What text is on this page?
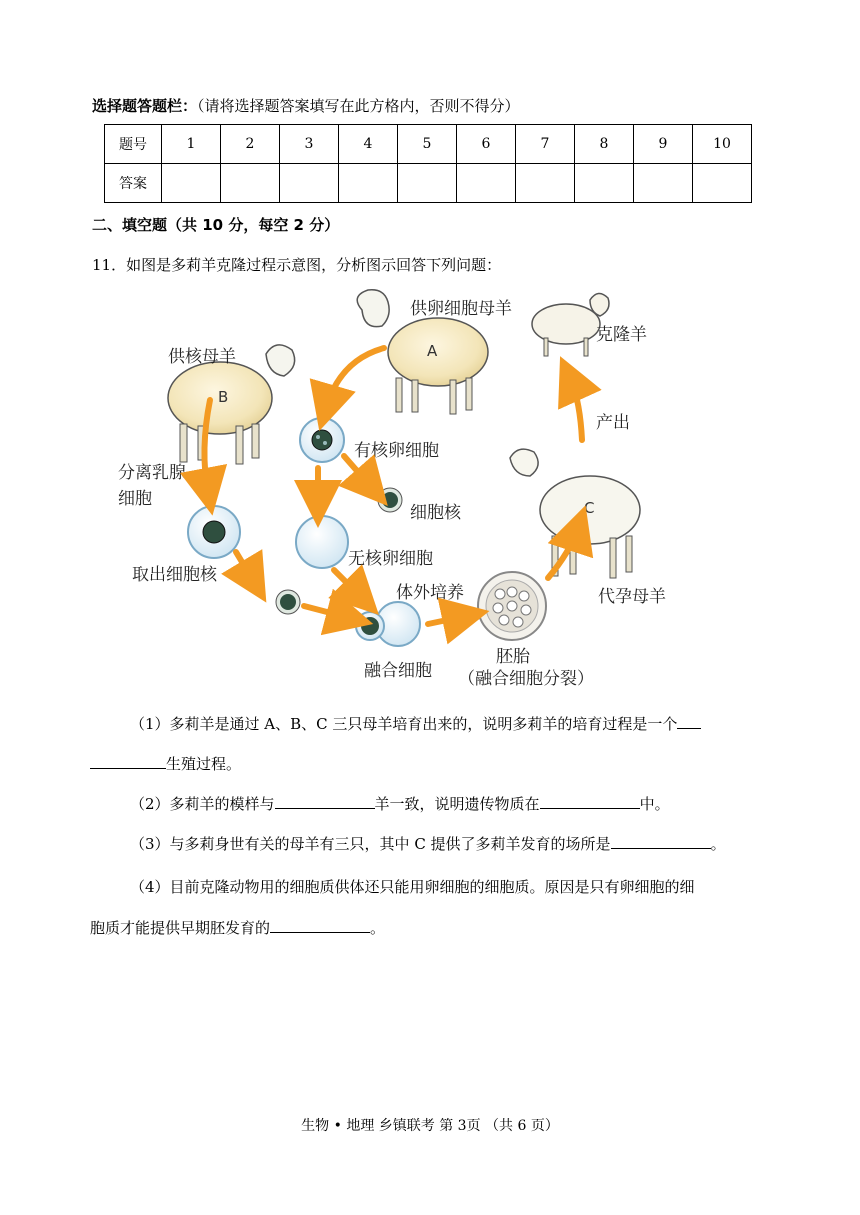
选择题答题栏：（请将选择题答案填写在此方格内，否则不得分）
题号	1	2	3	4	5	6	7	8	9	10
答案										
二、填空题（共 10 分，每空 2 分）
11．如图是多莉羊克隆过程示意图，分析图示回答下列问题：
A
供卵细胞母羊
克隆羊
B
供核母羊
C
代孕母羊
有核卵细胞
细胞核
分离乳腺
细胞
取出细胞核
无核卵细胞
融合细胞
体外培养
胚胎
（融合细胞分裂）
产出
（1）多莉羊是通过 A、B、C 三只母羊培育出来的，说明多莉羊的培育过程是一个
生殖过程。
（2）多莉羊的模样与	羊一致，说明遗传物质在	中。
（3）与多莉身世有关的母羊有三只，其中 C 提供了多莉羊发育的场所是	。
（4）目前克隆动物用的细胞质供体还只能用卵细胞的细胞质。原因是只有卵细胞的细
胞质才能提供早期胚发育的	。
生物 • 地理 乡镇联考 第 3页 （共 6 页）
